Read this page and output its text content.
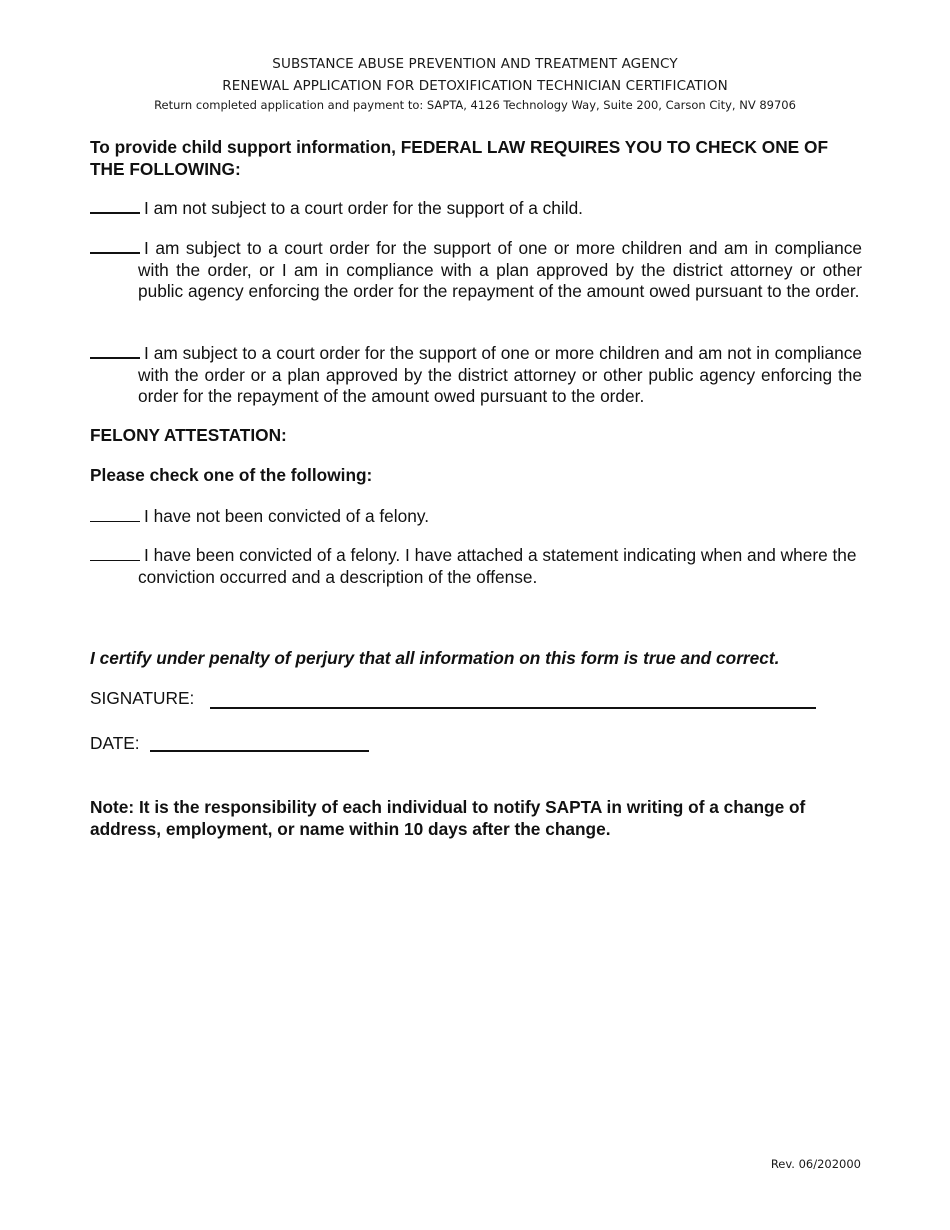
SUBSTANCE ABUSE PREVENTION AND TREATMENT AGENCY
RENEWAL APPLICATION FOR DETOXIFICATION TECHNICIAN CERTIFICATION
Return completed application and payment to: SAPTA, 4126 Technology Way, Suite 200, Carson City, NV 89706
To provide child support information, FEDERAL LAW REQUIRES YOU TO CHECK ONE OF THE FOLLOWING:
I am not subject to a court order for the support of a child.
I am subject to a court order for the support of one or more children and am in compliance with the order, or I am in compliance with a plan approved by the district attorney or other public agency enforcing the order for the repayment of the amount owed pursuant to the order.
I am subject to a court order for the support of one or more children and am not in compliance with the order or a plan approved by the district attorney or other public agency enforcing the order for the repayment of the amount owed pursuant to the order.
FELONY ATTESTATION:
Please check one of the following:
I have not been convicted of a felony.
I have been convicted of a felony. I have attached a statement indicating when and where the conviction occurred and a description of the offense.
I certify under penalty of perjury that all information on this form is true and correct.
SIGNATURE:
DATE:
Note: It is the responsibility of each individual to notify SAPTA in writing of a change of address, employment, or name within 10 days after the change.
Rev. 06/202000
